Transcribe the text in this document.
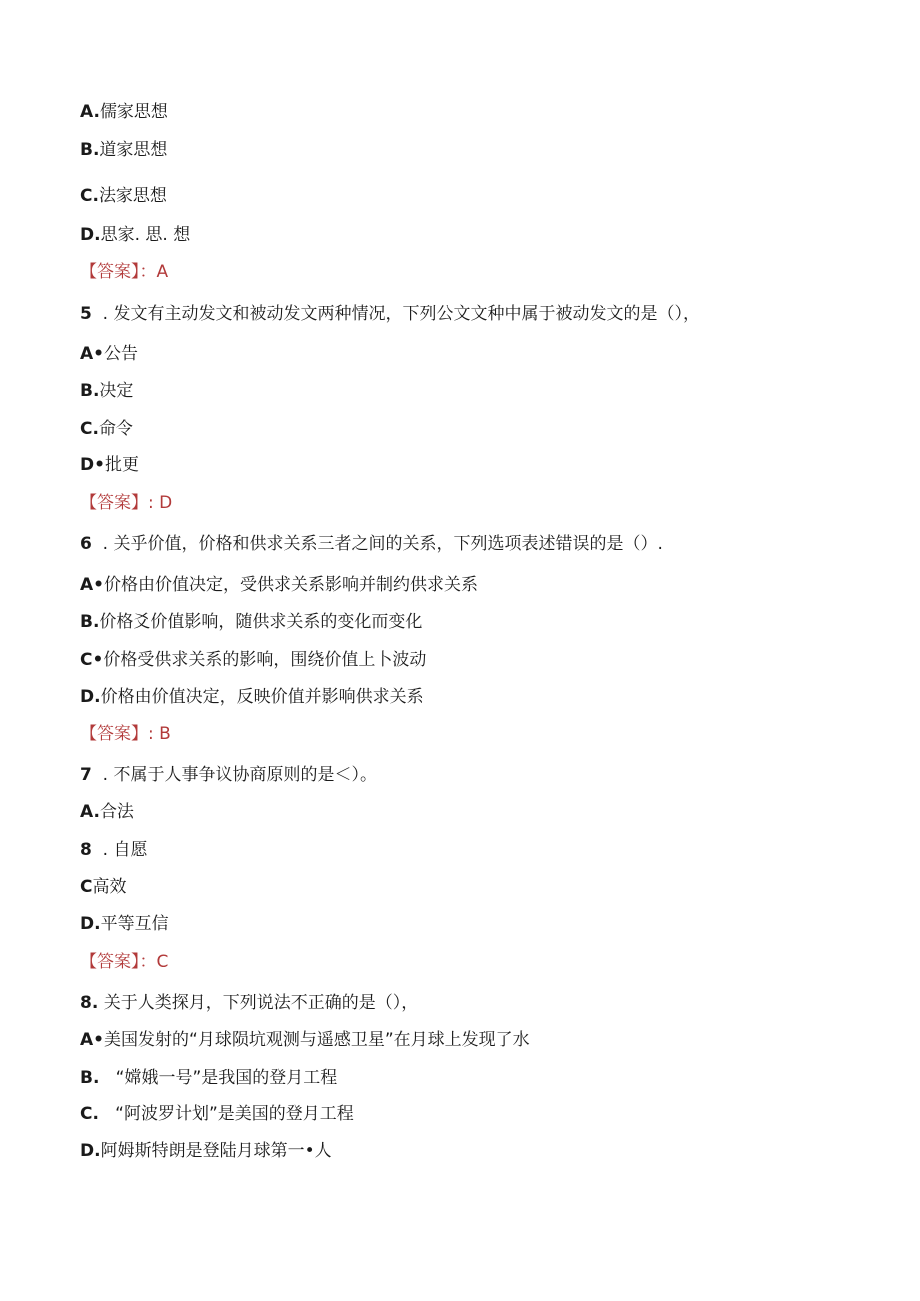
A.儒家思想
B.道家思想
C.法家思想
D.思家. 思. 想
【答案】：A
5  . 发文有主动发文和被动发文两种情况，下列公文文种中属于被动发文的是（），
A•公告
B.决定
C.命令
D•批更
【答案】: D
6  . 关乎价值，价格和供求关系三者之间的关系，下列选项表述错误的是（）.
A•价格由价值决定，受供求关系影响并制约供求关系
B.价格爻价值影响，随供求关系的变化而变化
C•价格受供求关系的影响，围绕价值上卜波动
D.价格由价值决定，反映价值并影响供求关系
【答案】: B
7  . 不属于人事争议协商原则的是＜）。
A.合法
8  . 自愿
C高效
D.平等互信
【答案】：C
8. 关于人类探月，下列说法不正确的是（），
A•美国发射的“月球陨坑观测与遥感卫星”在月球上发现了水
B.   “嫦娥一号”是我国的登月工程
C.   “阿波罗计划”是美国的登月工程
D.阿姆斯特朗是登陆月球第一•人
